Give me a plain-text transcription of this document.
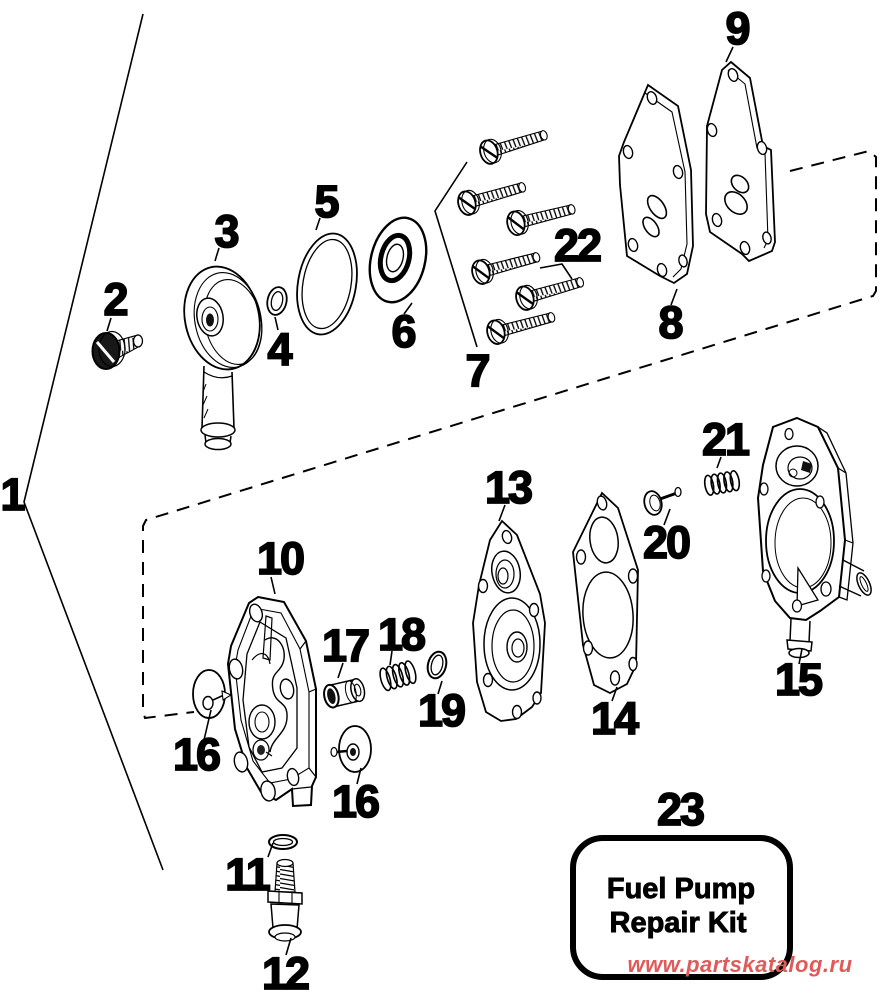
1
2
3
4
5
6
7
8
9
10
11
12
13
14
15
16
16
17 18
19
20
21
22
23
Fuel Pump
Repair Kit
www.partskatalog.ru
